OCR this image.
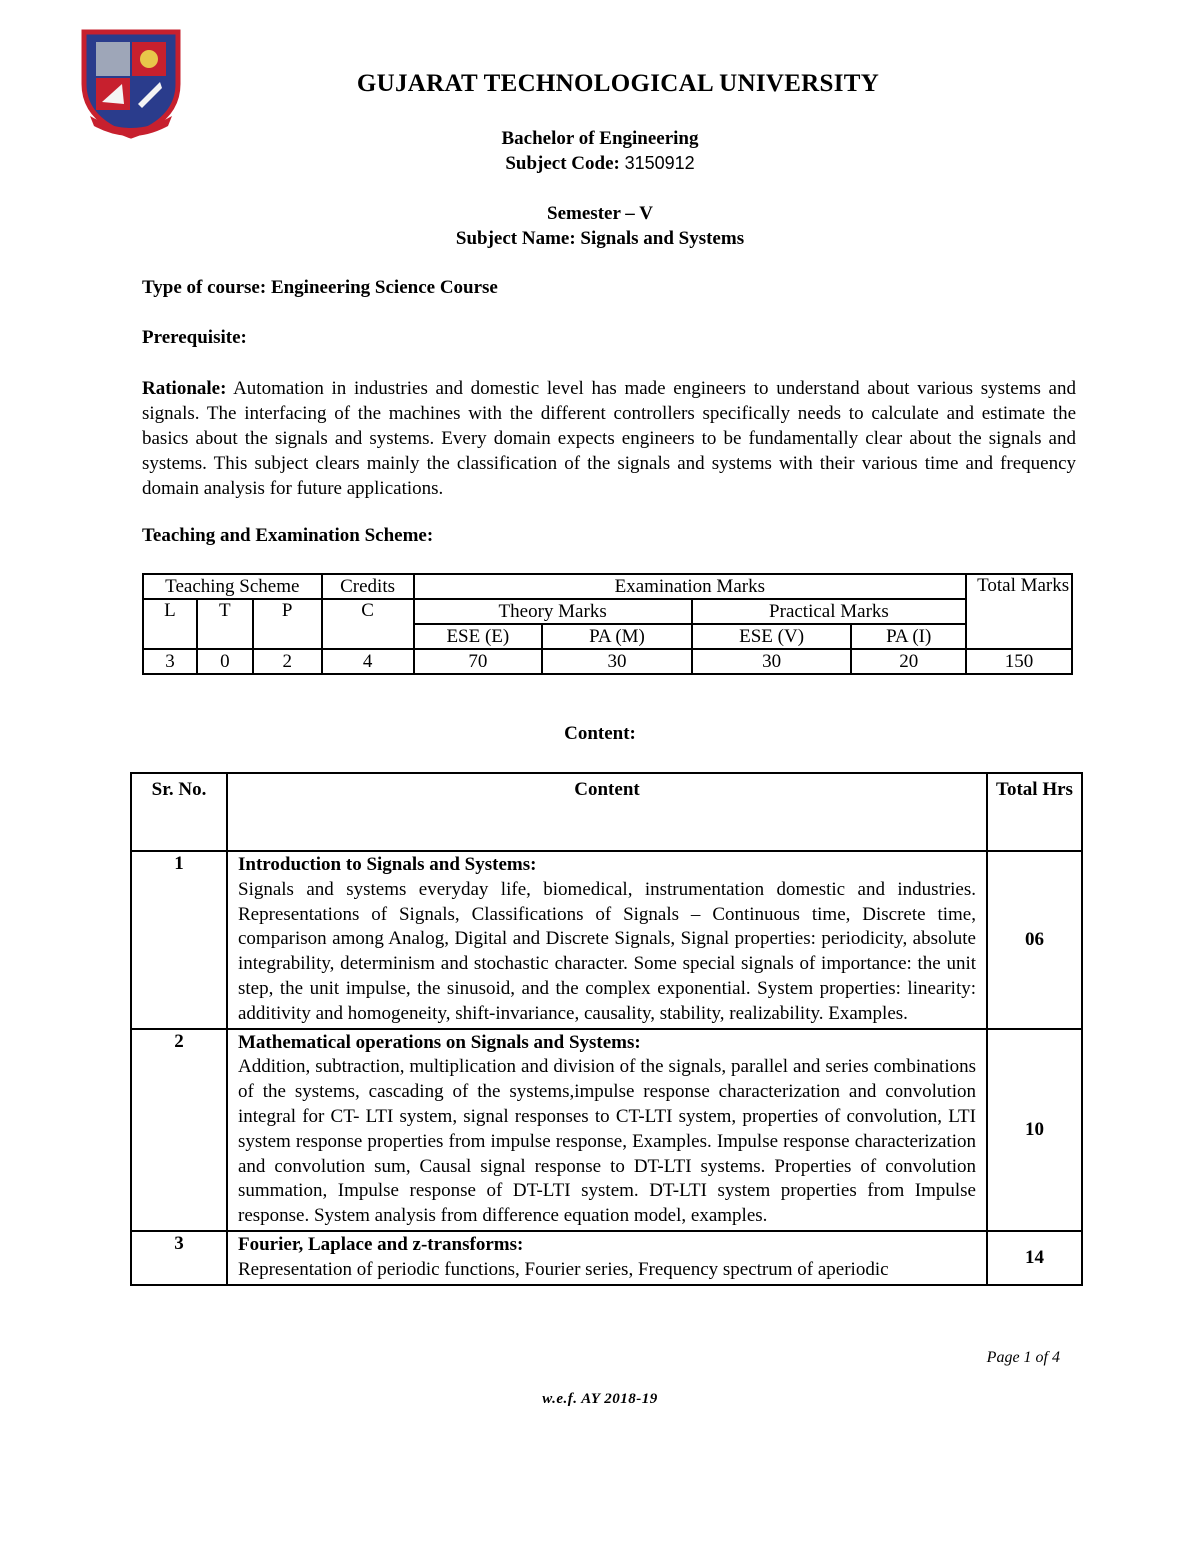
GUJARAT TECHNOLOGICAL UNIVERSITY
Bachelor of Engineering
Subject Code: 3150912
Semester – V
Subject Name: Signals and Systems
Type of course: Engineering Science Course
Prerequisite:

Rationale: Automation in industries and domestic level has made engineers to understand about various systems and signals. The interfacing of the machines with the different controllers specifically needs to calculate and estimate the basics about the signals and systems. Every domain expects engineers to be fundamentally clear about the signals and systems. This subject clears mainly the classification of the signals and systems with their various time and frequency domain analysis for future applications.

Teaching and Examination Scheme:
Teaching Scheme			Credits	Examination Marks				Total Marks
L	T	P	C	Theory Marks		Practical Marks		
				ESE (E)	PA (M)	ESE (V)	PA (I)	
3	0	2	4	70	30	30	20	150
Content:
Sr. No.	Content	Total Hrs
1	Introduction to Signals and Systems:
Signals and systems everyday life, biomedical, instrumentation domestic and industries. Representations of Signals, Classifications of Signals – Continuous time, Discrete time, comparison among Analog, Digital and Discrete Signals, Signal properties: periodicity, absolute integrability, determinism and stochastic character. Some special signals of importance: the unit step, the unit impulse, the sinusoid, and the complex exponential. System properties: linearity: additivity and homogeneity, shift-invariance, causality, stability, realizability. Examples.	06
2	Mathematical operations on Signals and Systems:
Addition, subtraction, multiplication and division of the signals, parallel and series combinations of the systems, cascading of the systems,impulse response characterization and convolution integral for CT- LTI system, signal responses to CT-LTI system, properties of convolution, LTI system response properties from impulse response, Examples. Impulse response characterization and convolution sum, Causal signal response to DT-LTI systems. Properties of convolution summation, Impulse response of DT-LTI system. DT-LTI system properties from Impulse response. System analysis from difference equation model, examples.	10
3	Fourier, Laplace and z-transforms:
Representation of periodic functions, Fourier series, Frequency spectrum of aperiodic	14
Page 1 of 4
w.e.f. AY 2018-19
